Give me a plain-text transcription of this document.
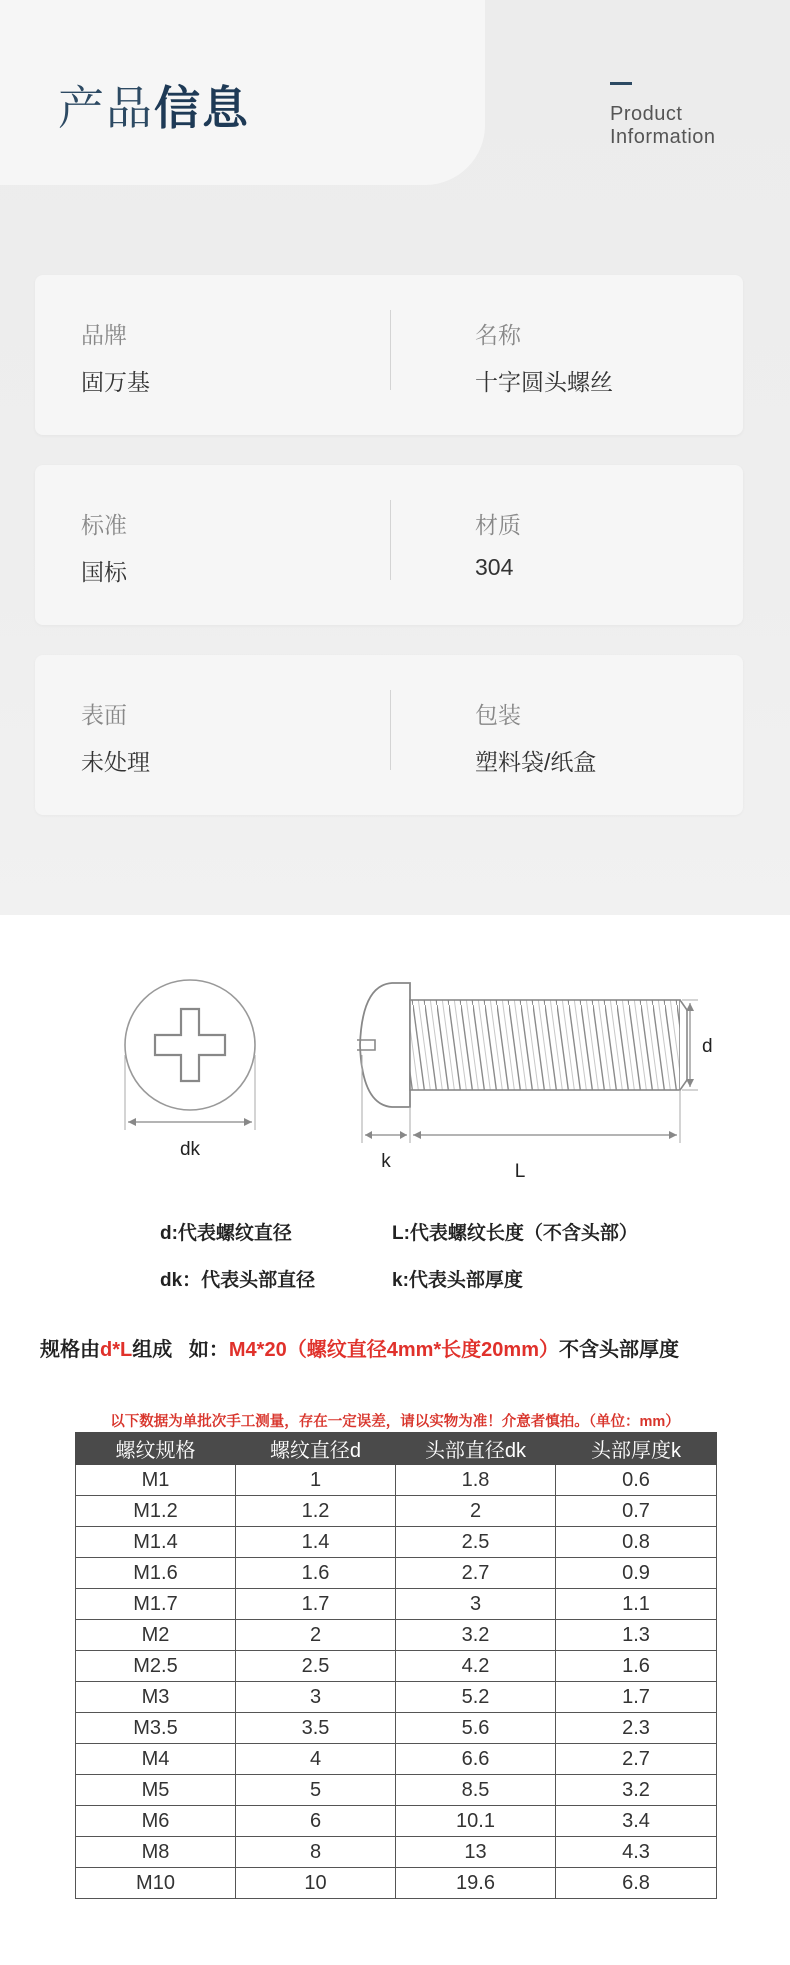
产品信息	Product
Information
品牌
固万基
名称
十字圆头螺丝
标准
国标
材质
304
表面
未处理
包装
塑料袋/纸盒
dk
d
k	L
d:代表螺纹直径	L:代表螺纹长度（不含头部）
dk：代表头部直径	k:代表头部厚度
规格由d*L组成   如：M4*20（螺纹直径4mm*长度20mm）不含头部厚度
以下数据为单批次手工测量，存在一定误差，请以实物为准！介意者慎拍。（单位：mm）
螺纹规格	螺纹直径d	头部直径dk	头部厚度k
M1	1	1.8	0.6
M1.2	1.2	2	0.7
M1.4	1.4	2.5	0.8
M1.6	1.6	2.7	0.9
M1.7	1.7	3	1.1
M2	2	3.2	1.3
M2.5	2.5	4.2	1.6
M3	3	5.2	1.7
M3.5	3.5	5.6	2.3
M4	4	6.6	2.7
M5	5	8.5	3.2
M6	6	10.1	3.4
M8	8	13	4.3
M10	10	19.6	6.8
